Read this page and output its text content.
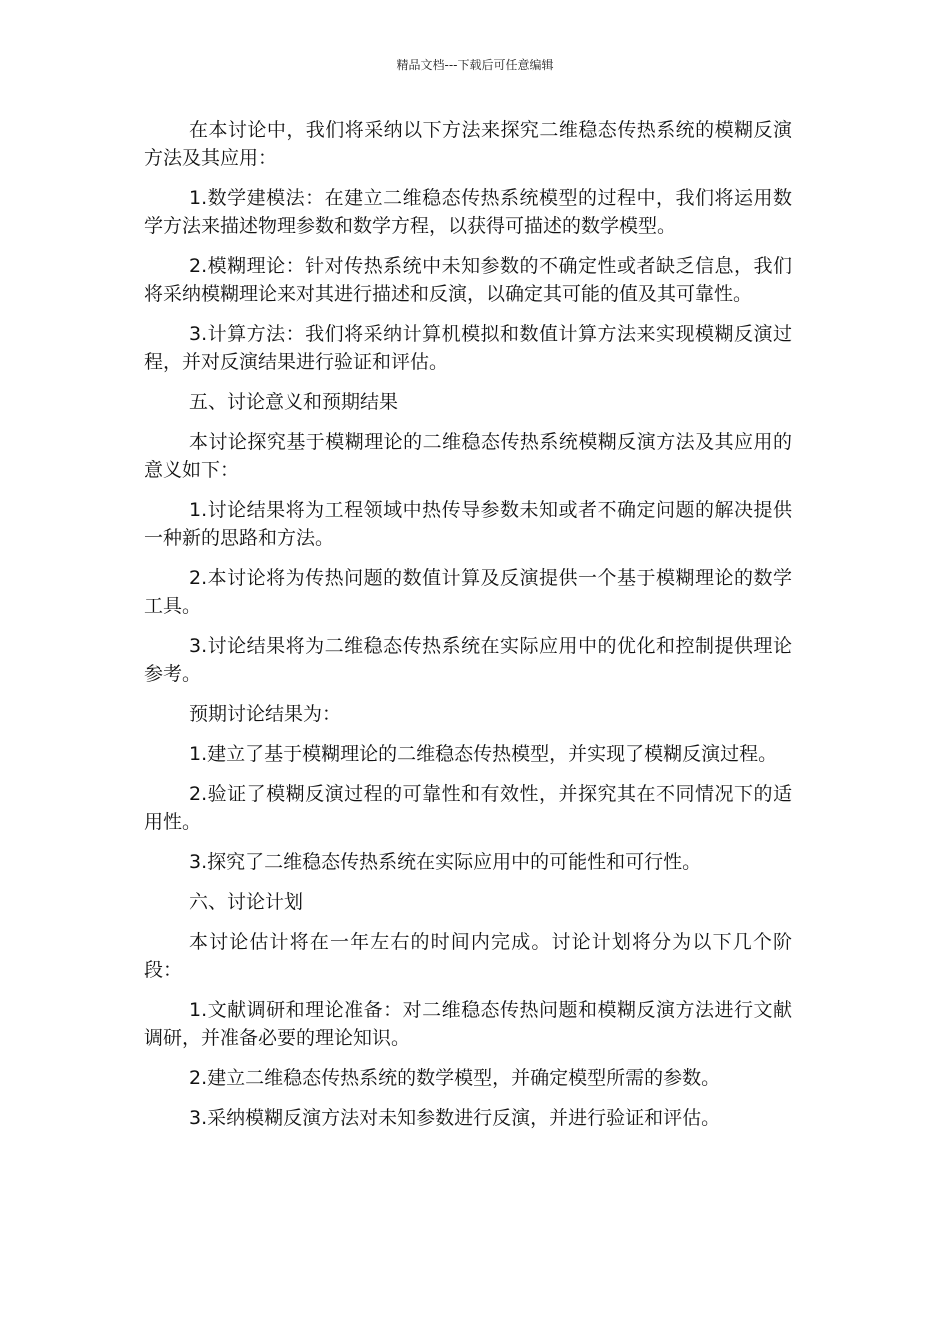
精品文档---下载后可任意编辑

在本讨论中，我们将采纳以下方法来探究二维稳态传热系统的模糊反演方法及其应用：

1.数学建模法：在建立二维稳态传热系统模型的过程中，我们将运用数学方法来描述物理参数和数学方程，以获得可描述的数学模型。

2.模糊理论：针对传热系统中未知参数的不确定性或者缺乏信息，我们将采纳模糊理论来对其进行描述和反演，以确定其可能的值及其可靠性。

3.计算方法：我们将采纳计算机模拟和数值计算方法来实现模糊反演过程，并对反演结果进行验证和评估。

五、讨论意义和预期结果

本讨论探究基于模糊理论的二维稳态传热系统模糊反演方法及其应用的意义如下：

1.讨论结果将为工程领域中热传导参数未知或者不确定问题的解决提供一种新的思路和方法。

2.本讨论将为传热问题的数值计算及反演提供一个基于模糊理论的数学工具。

3.讨论结果将为二维稳态传热系统在实际应用中的优化和控制提供理论参考。

预期讨论结果为：

1.建立了基于模糊理论的二维稳态传热模型，并实现了模糊反演过程。

2.验证了模糊反演过程的可靠性和有效性，并探究其在不同情况下的适用性。

3.探究了二维稳态传热系统在实际应用中的可能性和可行性。

六、讨论计划

本讨论估计将在一年左右的时间内完成。讨论计划将分为以下几个阶段：

1.文献调研和理论准备：对二维稳态传热问题和模糊反演方法进行文献调研，并准备必要的理论知识。

2.建立二维稳态传热系统的数学模型，并确定模型所需的参数。

3.采纳模糊反演方法对未知参数进行反演，并进行验证和评估。
